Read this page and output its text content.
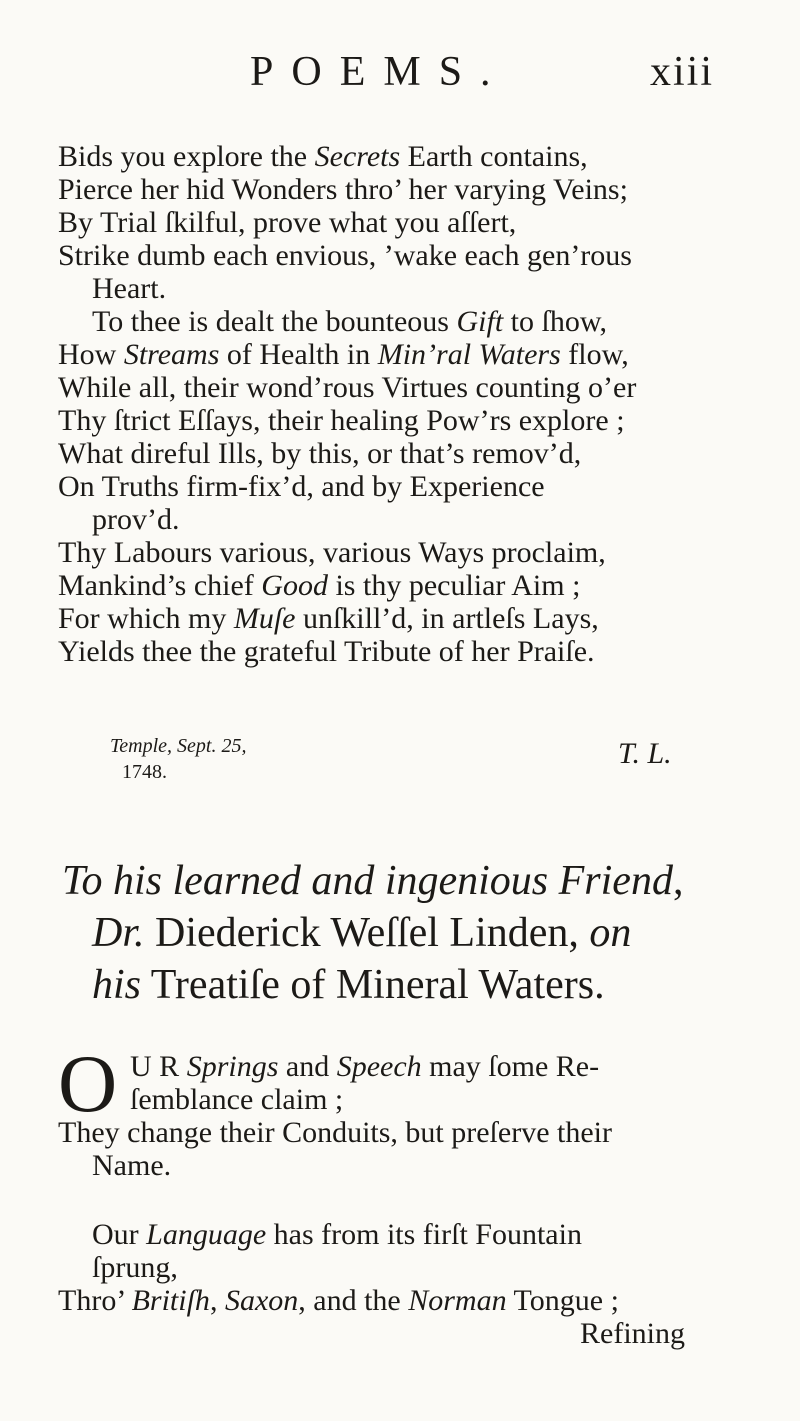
POEMS.	xiii
Bids you explore the Secrets Earth contains,
Pierce her hid Wonders thro’ her varying Veins;
By Trial ſkilful, prove what you aſſert,
Strike dumb each envious, ’wake each gen’rous
Heart.
To thee is dealt the bounteous Gift to ſhow,
How Streams of Health in Min’ral Waters flow,
While all, their wond’rous Virtues counting o’er
Thy ſtrict Eſſays, their healing Pow’rs explore ;
What direful Ills, by this, or that’s remov’d,
On Truths firm-fix’d, and by Experience
prov’d.
Thy Labours various, various Ways proclaim,
Mankind’s chief Good is thy peculiar Aim ;
For which my Muſe unſkill’d, in artleſs Lays,
Yields thee the grateful Tribute of her Praiſe.
Temple, Sept. 25,
1748.
T. L.
To his learned and ingenious Friend,
Dr. Diederick Weſſel Linden, on
his Treatiſe of Mineral Waters.
O U R Springs and Speech may ſome Re-
ſemblance claim ;
They change their Conduits, but preſerve their
Name.
Our Language has from its firſt Fountain
ſprung,
Thro’ Britiſh, Saxon, and the Norman Tongue ;
Refining
